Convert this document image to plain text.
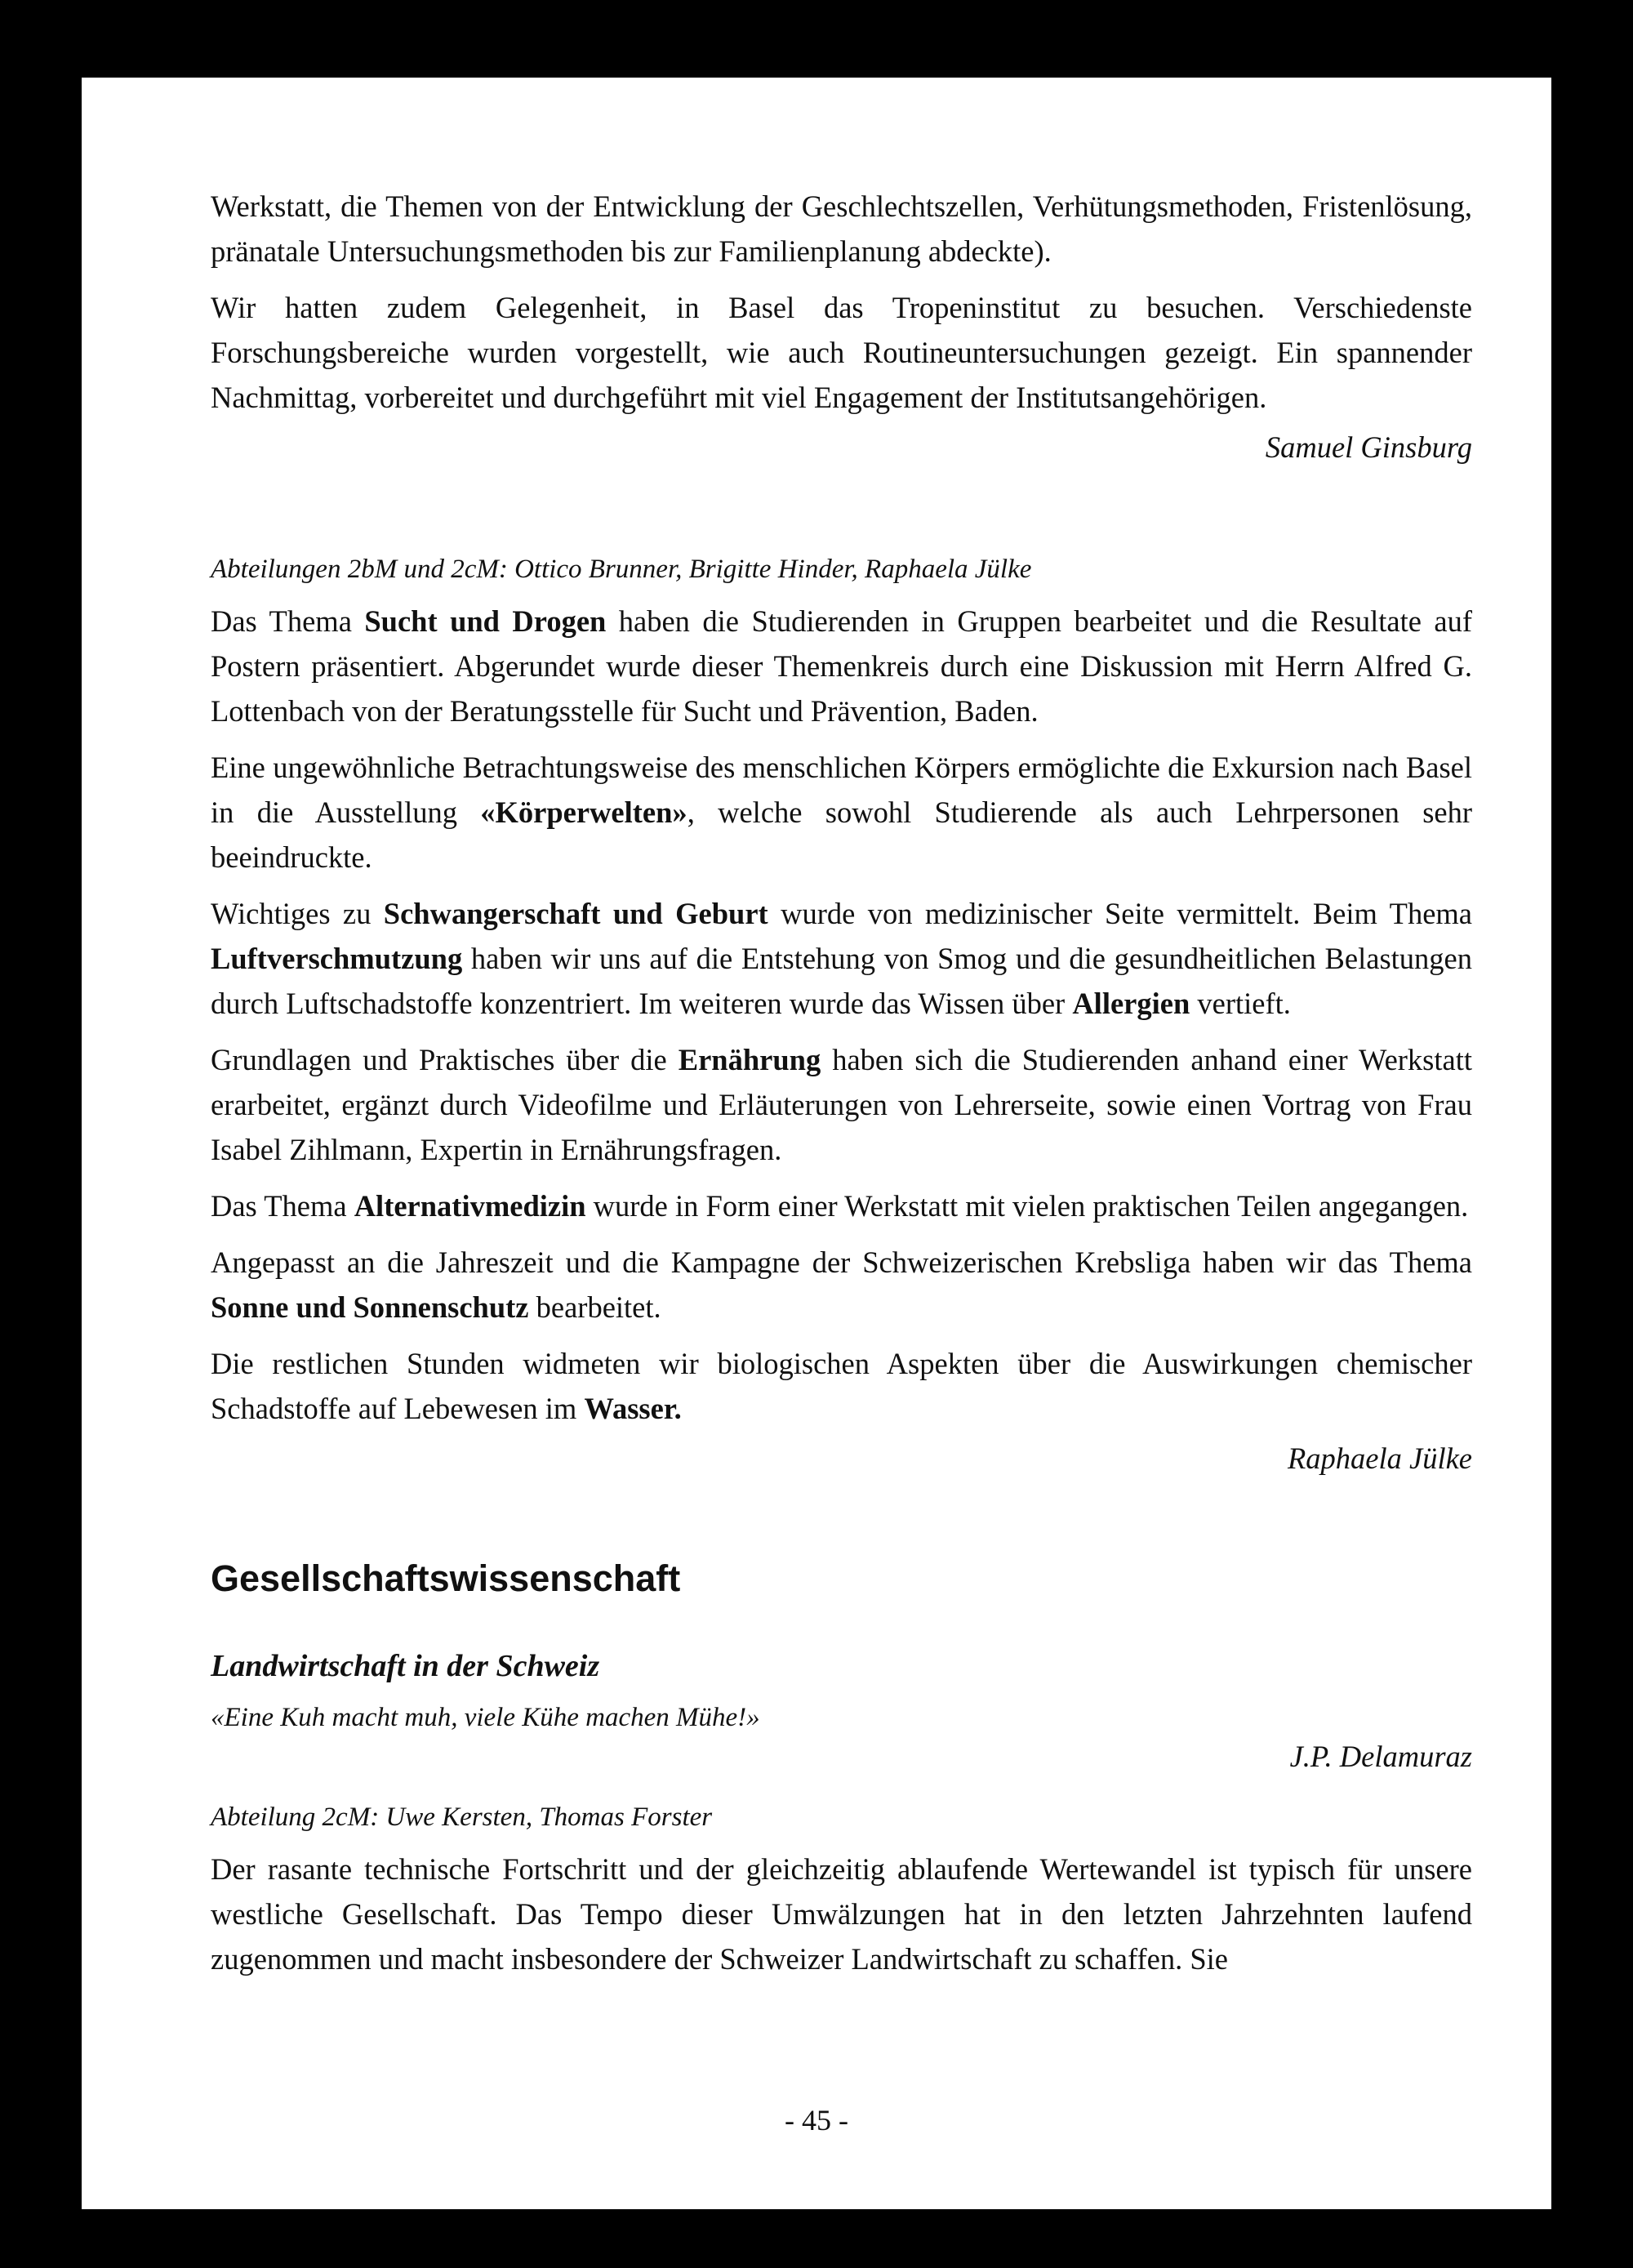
Werkstatt, die Themen von der Entwicklung der Geschlechtszellen, Verhütungsmethoden, Fristenlösung, pränatale Untersuchungsmethoden bis zur Familienplanung abdeckte).

Wir hatten zudem Gelegenheit, in Basel das Tropeninstitut zu besuchen. Verschiedenste Forschungsbereiche wurden vorgestellt, wie auch Routineuntersuchungen gezeigt. Ein spannender Nachmittag, vorbereitet und durchgeführt mit viel Engagement der Institutsangehörigen.

Samuel Ginsburg

Abteilungen 2bM und 2cM: Ottico Brunner, Brigitte Hinder, Raphaela Jülke

Das Thema Sucht und Drogen haben die Studierenden in Gruppen bearbeitet und die Resultate auf Postern präsentiert. Abgerundet wurde dieser Themenkreis durch eine Diskussion mit Herrn Alfred G. Lottenbach von der Beratungsstelle für Sucht und Prävention, Baden.

Eine ungewöhnliche Betrachtungsweise des menschlichen Körpers ermöglichte die Exkursion nach Basel in die Ausstellung «Körperwelten», welche sowohl Studierende als auch Lehrpersonen sehr beeindruckte.

Wichtiges zu Schwangerschaft und Geburt wurde von medizinischer Seite vermittelt. Beim Thema Luftverschmutzung haben wir uns auf die Entstehung von Smog und die gesundheitlichen Belastungen durch Luftschadstoffe konzentriert. Im weiteren wurde das Wissen über Allergien vertieft.

Grundlagen und Praktisches über die Ernährung haben sich die Studierenden anhand einer Werkstatt erarbeitet, ergänzt durch Videofilme und Erläuterungen von Lehrerseite, sowie einen Vortrag von Frau Isabel Zihlmann, Expertin in Ernährungsfragen.

Das Thema Alternativmedizin wurde in Form einer Werkstatt mit vielen praktischen Teilen angegangen.

Angepasst an die Jahreszeit und die Kampagne der Schweizerischen Krebsliga haben wir das Thema Sonne und Sonnenschutz bearbeitet.

Die restlichen Stunden widmeten wir biologischen Aspekten über die Auswirkungen chemischer Schadstoffe auf Lebewesen im Wasser.

Raphaela Jülke

Gesellschaftswissenschaft

Landwirtschaft in der Schweiz

«Eine Kuh macht muh, viele Kühe machen Mühe!»

J.P. Delamuraz

Abteilung 2cM: Uwe Kersten, Thomas Forster

Der rasante technische Fortschritt und der gleichzeitig ablaufende Wertewandel ist typisch für unsere westliche Gesellschaft. Das Tempo dieser Umwälzungen hat in den letzten Jahrzehnten laufend zugenommen und macht insbesondere der Schweizer Landwirtschaft zu schaffen. Sie

- 45 -
